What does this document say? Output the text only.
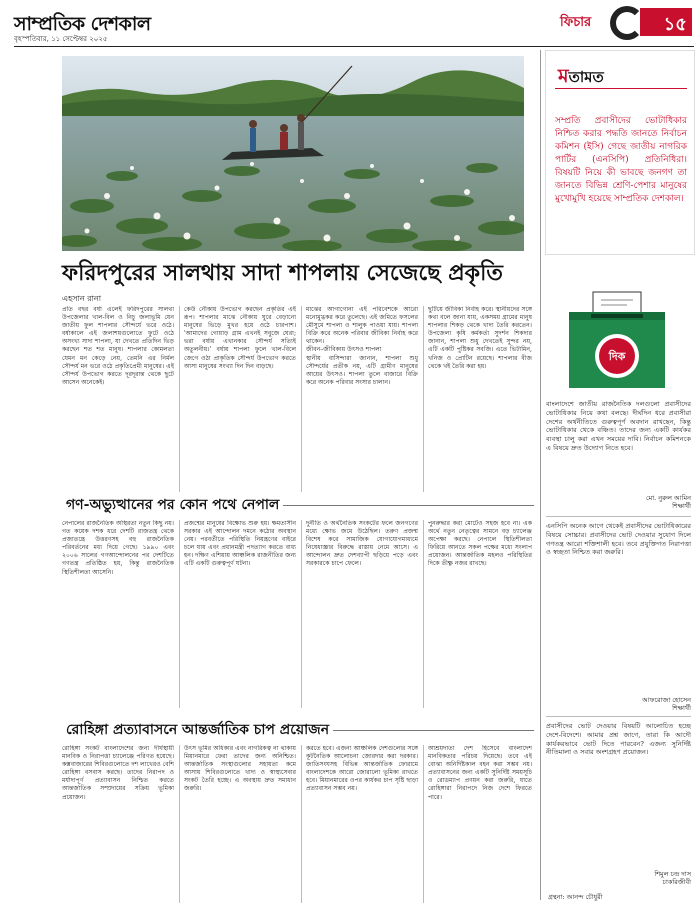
সাম্প্রতিক দেশকাল
বৃহস্পতিবার, ১১ সেপ্টেম্বর ২০২৫
ফিচার	১৫
ফরিদপুরের সালথায় সাদা শাপলায় সেজেছে প্রকৃতি
এহসান রানা
প্রতি বছর বর্ষা এলেই ফরিদপুরের সালথা উপজেলার খাল-বিল ও নিচু জলাভূমি যেন জাতীয় ফুল শাপলার সৌন্দর্যে ভরে ওঠে। বর্ষাকালে এই জলাশয়গুলোতে ফুটে ওঠে অসংখ্য সাদা শাপলা, যা দেখতে প্রতিদিন ভিড় করছেন শত শত মানুষ। শাপলার কোমলতা যেমন মন কেড়ে নেয়, তেমনি এর নির্মল সৌন্দর্য মন ভরে ওঠে প্রকৃতিপ্রেমী মানুষের। এই সৌন্দর্য উপভোগ করতে দূরদূরান্ত থেকে ছুটে আসেন অনেকেই।
কেউ নৌকায় উপভোগ করছেন প্রকৃতির এই রূপ। শাপলার মাঝে নৌকায় ঘুরে বেড়ানো মানুষের ভিড়ে মুখর হয়ে ওঠে চারপাশ। 'আমাদের গোয়াড় গ্রাম এখনই সবুজে ঘেরা; ভরা বর্ষায় এখানকার সৌন্দর্য সত্যিই অতুলনীয়।' বর্ষায় শাপলা ফুলে খাল-বিলে জেগে ওঠা প্রাকৃতিক সৌন্দর্য উপভোগ করতে আসা মানুষের সংখ্যা দিন দিন বাড়ছে।
মাঝের আগাগোনা এই পরিবেশকে আরো মনোমুগ্ধকর করে তুলেছে। এই জমিতে ফসলের মৌসুমে শাপলা ও শালুক পাওয়া যায়। শাপলা বিক্রি করে অনেক পরিবার জীবিকা নির্বাহ করে থাকেন।
জীবন–জীবিকায় উৎসও শাপলা
স্থানীয় বাসিন্দারা জানান, শাপলা শুধু সৌন্দর্যের প্রতীক নয়, এটি গ্রামীণ মানুষের আয়ের উৎসও। শাপলা তুলে বাজারে বিক্রি করে অনেক পরিবার সংসার চালান।
ছুটিয়ে জীবিকা নির্বাহ করে। স্থানীয়দের সঙ্গে কথা বলে জানা যায়, একসময় গ্রামের মানুষ শাপলার শিকড় থেকে খাদ্য তৈরি করতেন। উপজেলা কৃষি কর্মকর্তা সুদর্শন শিকদার জানান, শাপলা শুধু দেখতেই সুন্দর নয়, এটি একটি পুষ্টিকর সবজি। এতে ভিটামিন, খনিজ ও প্রোটিন রয়েছে। শাপলার বীজ থেকে খই তৈরি করা হয়।
গণ-অভ্যুত্থানের পর কোন পথে নেপাল
নেপালের রাজনৈতিক অস্থিরতা নতুন কিছু নয়। গত কয়েক দশক ধরে দেশটি রাজতন্ত্র থেকে প্রজাতন্ত্রে উত্তরণসহ বহু রাজনৈতিক পরিবর্তনের মধ্য দিয়ে গেছে। ১৯৯০ এবং ২০০৬ সালের গণআন্দোলনের পর দেশটিতে গণতন্ত্র প্রতিষ্ঠিত হয়, কিন্তু রাজনৈতিক স্থিতিশীলতা আসেনি।
প্রজন্মের মানুষের বিক্ষোভ শুরু হয়। ক্ষমতাসীন সরকার এই আন্দোলন দমনে কঠোর অবস্থান নেয়। পরবর্তীতে পরিস্থিতি নিয়ন্ত্রণের বাইরে চলে যায় এবং প্রধানমন্ত্রী পদত্যাগ করতে বাধ্য হন। দক্ষিণ এশিয়ায় আঞ্চলিক রাজনীতির জন্য এটি একটি গুরুত্বপূর্ণ ঘটনা।
দুর্নীতি ও অর্থনৈতিক সংকটের ফলে জনগণের মধ্যে ক্ষোভ জমে উঠেছিল। তরুণ প্রজন্ম বিশেষ করে সামাজিক যোগাযোগমাধ্যমে নিষেধাজ্ঞার বিরুদ্ধে রাস্তায় নেমে আসে। এ আন্দোলন দ্রুত দেশব্যাপী ছড়িয়ে পড়ে এবং সরকারকে চাপে ফেলে।
পুনরুদ্ধার করা মোটেও সহজ হবে না। এক অর্থে নতুন নেতৃত্বের সামনে বড় চ্যালেঞ্জ অপেক্ষা করছে। নেপালে স্থিতিশীলতা ফিরিয়ে আনতে সকল পক্ষের মধ্যে সংলাপ প্রয়োজন। আন্তর্জাতিক মহলও পরিস্থিতির দিকে তীক্ষ্ণ নজর রাখছে।
রোহিঙ্গা প্রত্যাবাসনে আন্তর্জাতিক চাপ প্রয়োজন
রোহিঙ্গা সংকট বাংলাদেশের জন্য দীর্ঘস্থায়ী মানবিক ও নিরাপত্তা চ্যালেঞ্জে পরিণত হয়েছে। কক্সবাজারের শিবিরগুলোতে দশ লাখেরও বেশি রোহিঙ্গা বসবাস করছে। তাদের নিরাপদ ও মর্যাদাপূর্ণ প্রত্যাবাসন নিশ্চিত করতে আন্তর্জাতিক সম্প্রদায়ের সক্রিয় ভূমিকা প্রয়োজন।
উৎস ভূমির অধিকার এবং নাগরিকত্ব না থাকায় মিয়ানমারে ফেরা তাদের জন্য অনিশ্চিত। আন্তর্জাতিক সংস্থাগুলোর সহায়তা কমে আসায় শিবিরগুলোতে খাদ্য ও স্বাস্থ্যসেবার সংকট তৈরি হচ্ছে। এ অবস্থায় দ্রুত সমাধান জরুরি।
করতে হবে। এজন্য আঞ্চলিক দেশগুলোর সঙ্গে কূটনৈতিক আলোচনা জোরদার করা দরকার। জাতিসংঘসহ বিভিন্ন আন্তর্জাতিক ফোরামে বাংলাদেশকে আরো জোরালো ভূমিকা রাখতে হবে। মিয়ানমারের ওপর কার্যকর চাপ সৃষ্টি ছাড়া প্রত্যাবাসন সম্ভব নয়।
আশ্রয়দাতা দেশ হিসেবে বাংলাদেশ মানবিকতার পরিচয় দিয়েছে। তবে এই বোঝা অনির্দিষ্টকাল বহন করা সম্ভব নয়। প্রত্যাবাসনের জন্য একটি সুনির্দিষ্ট সময়সূচি ও রোডম্যাপ প্রণয়ন করা জরুরি, যাতে রোহিঙ্গারা নিরাপদে নিজ দেশে ফিরতে পারে।
মতামত
সম্প্রতি প্রবাসীদের ভোটাধিকার নিশ্চিত করার পদ্ধতি জানতে নির্বাচন কমিশন (ইসি) গেছে জাতীয় নাগরিক পার্টির (এনসিপি) প্রতিনিধিরা। বিষয়টি নিয়ে কী ভাবছে জনগণ তা জানতে বিভিন্ন শ্রেণি-পেশার মানুষের মুখোমুখি হয়েছে সাম্প্রতিক দেশকাল।
দিক
বাংলাদেশে জাতীয় রাজনৈতিক দলগুলো প্রবাসীদের ভোটাধিকার নিয়ে কথা বলছে। দীর্ঘদিন ধরে প্রবাসীরা দেশের অর্থনীতিতে গুরুত্বপূর্ণ অবদান রাখছেন, কিন্তু ভোটাধিকার থেকে বঞ্চিত। তাদের জন্য একটি কার্যকর ব্যবস্থা চালু করা এখন সময়ের দাবি। নির্বাচন কমিশনকে এ বিষয়ে দ্রুত উদ্যোগ নিতে হবে।
মো. নুরুল আমিন
শিক্ষার্থী
এনসিপি অনেক আগে থেকেই প্রবাসীদের ভোটাধিকারের বিষয়ে সোচ্চার। প্রবাসীদের ভোট দেওয়ার সুযোগ দিলে গণতন্ত্র আরো শক্তিশালী হবে। তবে প্রযুক্তিগত নিরাপত্তা ও স্বচ্ছতা নিশ্চিত করা জরুরি।
আফরোজা হোসেন
শিক্ষার্থী
প্রবাসীদের ভোট দেওয়ার বিষয়টি আলোচিত হচ্ছে দেশে-বিদেশে। আমার প্রশ্ন জাগে, তারা কি আদৌ কার্যকরভাবে ভোট দিতে পারবেন? এজন্য সুনির্দিষ্ট নীতিমালা ও সবার অংশগ্রহণ প্রয়োজন।
শিমুল চন্দ্র দাস
চাকরিজীবী
গ্রন্থনা: আনন্দ চৌধুরী
